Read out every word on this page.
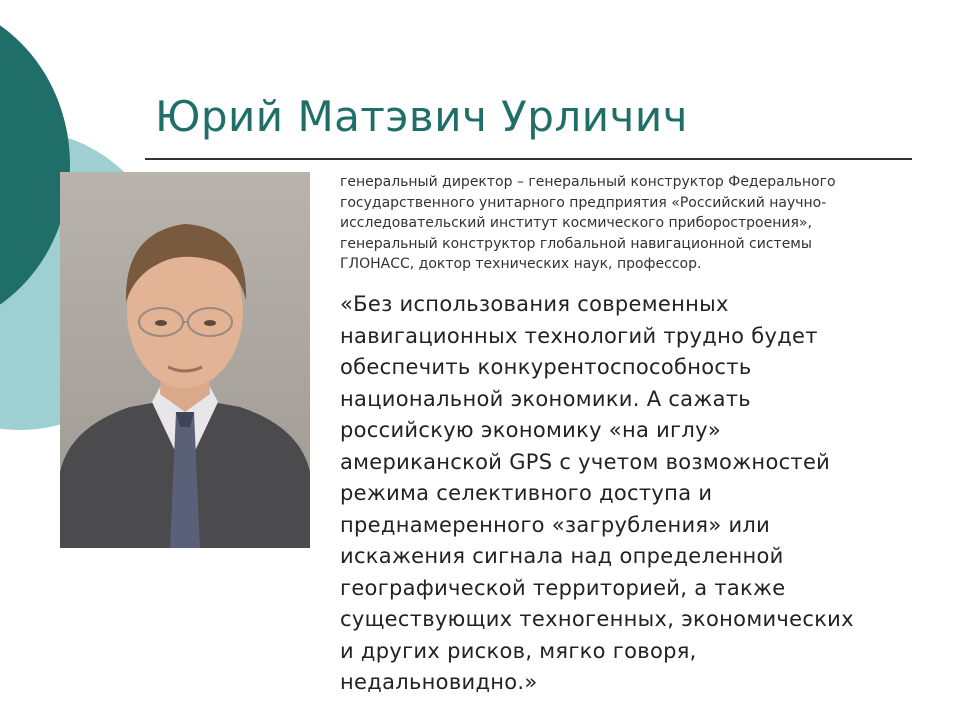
Юрий Матэвич Урличич
генеральный директор – генеральный конструктор Федерального
государственного унитарного предприятия «Российский научно-
исследовательский институт космического приборостроения»,
генеральный конструктор глобальной навигационной системы
ГЛОНАСС, доктор технических наук, профессор.
«Без использования современных
навигационных технологий трудно будет
обеспечить конкурентоспособность
национальной экономики. А сажать
российскую экономику «на иглу»
американской GPS с учетом возможностей
режима селективного доступа и
преднамеренного «загрубления» или
искажения сигнала над определенной
географической территорией, а также
существующих техногенных, экономических
и других рисков, мягко говоря,
недальновидно.»
